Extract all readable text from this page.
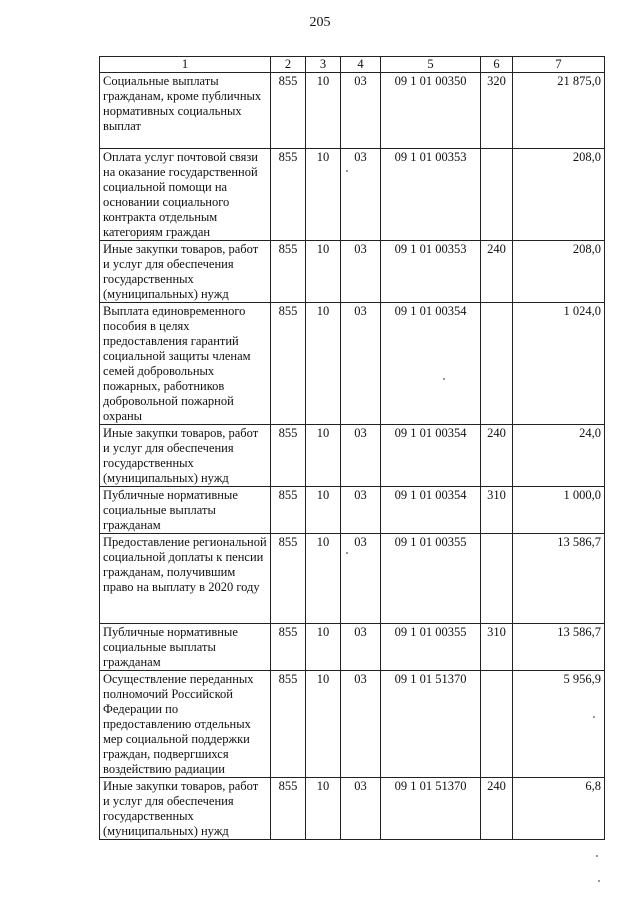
205
1	2	3	4	5	6	7
Социальные выплаты гражданам, кроме публичных нормативных социальных выплат	855	10	03	09 1 01 00350	320	21 875,0
Оплата услуг почтовой связи на оказание государственной социальной помощи на основании социального контракта отдельным категориям граждан	855	10	03	09 1 01 00353		208,0
Иные закупки товаров, работ и услуг для обеспечения государственных (муниципальных) нужд	855	10	03	09 1 01 00353	240	208,0
Выплата единовременного пособия в целях предоставления гарантий социальной защиты членам семей добровольных пожарных, работников добровольной пожарной охраны	855	10	03	09 1 01 00354		1 024,0
Иные закупки товаров, работ и услуг для обеспечения государственных (муниципальных) нужд	855	10	03	09 1 01 00354	240	24,0
Публичные нормативные социальные выплаты гражданам	855	10	03	09 1 01 00354	310	1 000,0
Предоставление региональной социальной доплаты к пенсии гражданам, получившим право на выплату в 2020 году	855	10	03	09 1 01 00355		13 586,7
Публичные нормативные социальные выплаты гражданам	855	10	03	09 1 01 00355	310	13 586,7
Осуществление переданных полномочий Российской Федерации по предоставлению отдельных мер социальной поддержки граждан, подвергшихся воздействию радиации	855	10	03	09 1 01 51370		5 956,9
Иные закупки товаров, работ и услуг для обеспечения государственных (муниципальных) нужд	855	10	03	09 1 01 51370	240	6,8
